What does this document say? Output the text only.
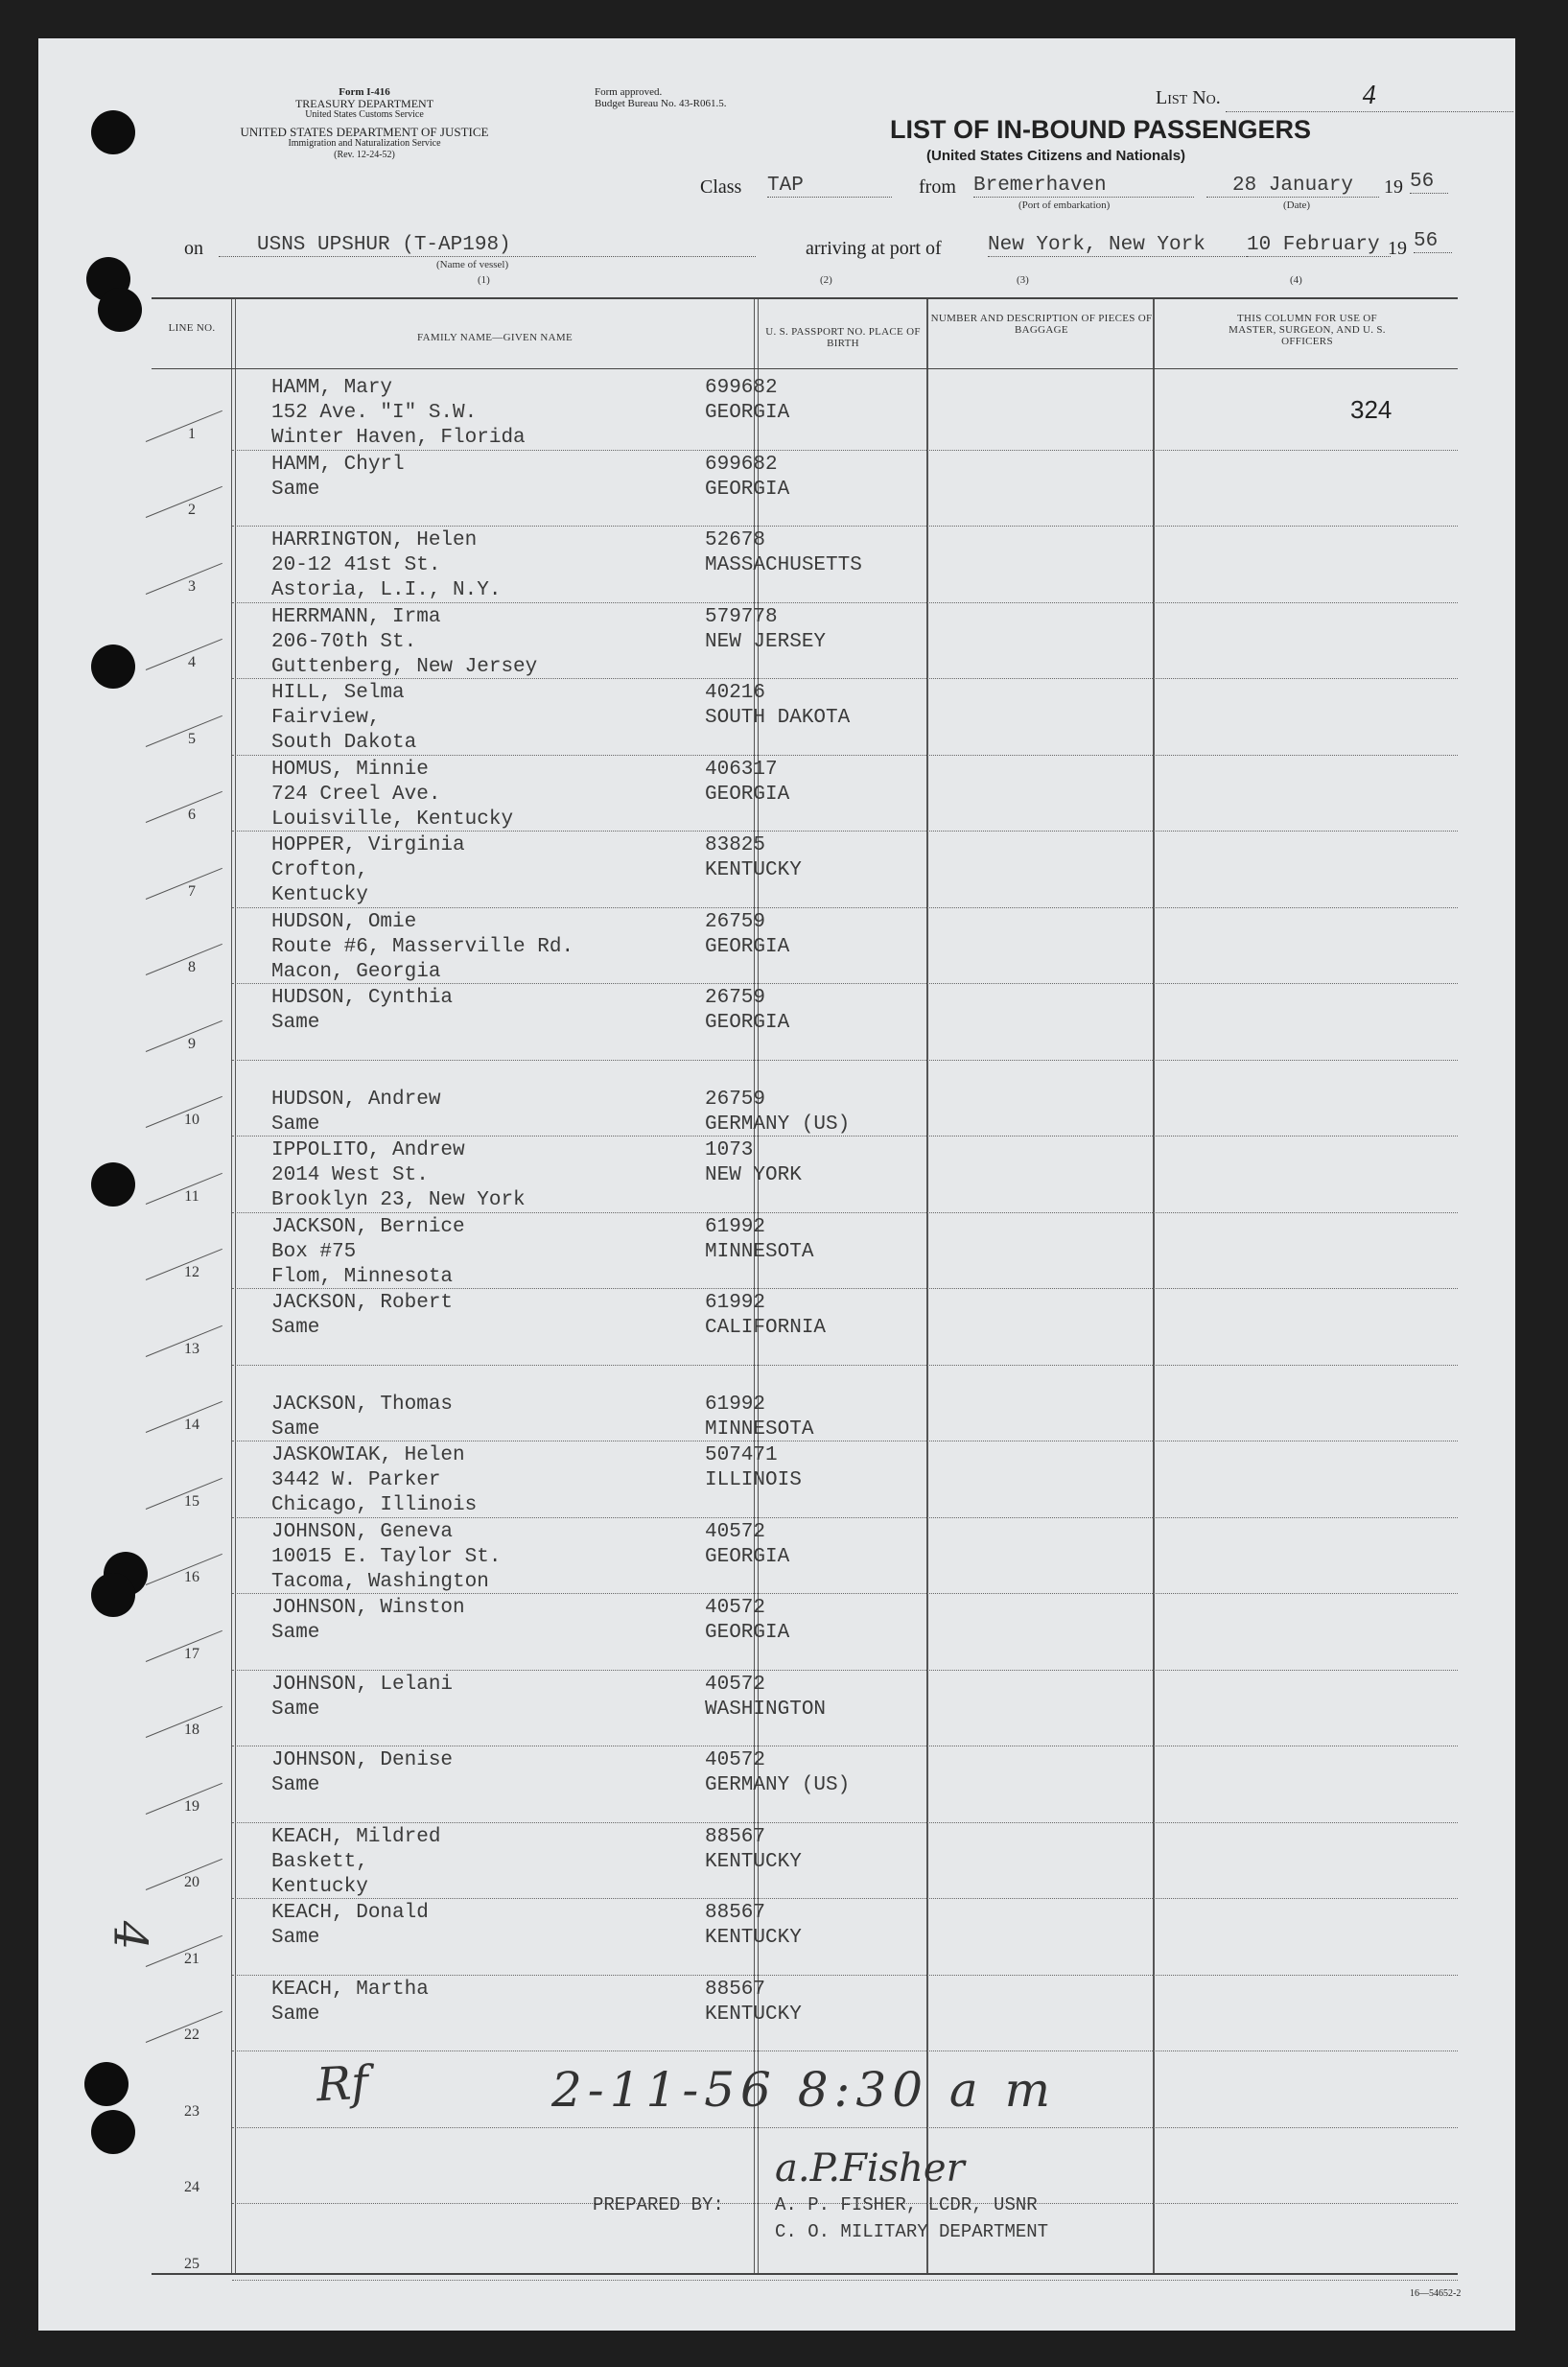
Form I-416
TREASURY DEPARTMENT
United States Customs Service
UNITED STATES DEPARTMENT OF JUSTICE
Immigration and Naturalization Service
(Rev. 12-24-52)
Form approved.
Budget Bureau No. 43-R061.5.	List No.	4
LIST OF IN-BOUND PASSENGERS
(United States Citizens and Nationals)
Class TAP	from Bremerhaven
(Port of embarkation)
28 January
(Date)
19 56
on	USNS UPSHUR (T-AP198)
(Name of vessel)
arriving at port of New York, New York	10 February 19 56
(1)	(2)	(3)	(4)
LINE NO.
FAMILY NAME—GIVEN NAME	U. S. PASSPORT NO. PLACE OF BIRTH
NUMBER AND DESCRIPTION OF PIECES OF BAGGAGE
THIS COLUMN FOR USE OF MASTER, SURGEON, AND U. S. OFFICERS
1
HAMM, Mary
152 Ave. "I" S.W.
Winter Haven, Florida
699682
GEORGIA	324
2
HAMM, Chyrl
Same
699682
GEORGIA
3
HARRINGTON, Helen
20-12 41st St.
Astoria, L.I., N.Y.
52678
MASSACHUSETTS
4
HERRMANN, Irma
206-70th St.
Guttenberg, New Jersey
579778
NEW JERSEY
5
HILL, Selma
Fairview,
South Dakota
40216
SOUTH DAKOTA
6
HOMUS, Minnie
724 Creel Ave.
Louisville, Kentucky
406317
GEORGIA
7
HOPPER, Virginia
Crofton,
Kentucky
83825
KENTUCKY
8
HUDSON, Omie
Route #6, Masserville Rd.
Macon, Georgia
26759
GEORGIA
9
HUDSON, Cynthia
Same
26759
GEORGIA
10
HUDSON, Andrew
Same
26759
GERMANY (US)
11
IPPOLITO, Andrew
2014 West St.
Brooklyn 23, New York
1073
NEW YORK
12
JACKSON, Bernice
Box #75
Flom, Minnesota
61992
MINNESOTA
13
JACKSON, Robert
Same
61992
CALIFORNIA
14
JACKSON, Thomas
Same
61992
MINNESOTA
15
JASKOWIAK, Helen
3442 W. Parker
Chicago, Illinois
507471
ILLINOIS
16
JOHNSON, Geneva
10015 E. Taylor St.
Tacoma, Washington
40572
GEORGIA
17
JOHNSON, Winston
Same
40572
GEORGIA
18
JOHNSON, Lelani
Same
40572
WASHINGTON
19
JOHNSON, Denise
Same
40572
GERMANY (US)
20
KEACH, Mildred
Baskett,
Kentucky
88567
KENTUCKY
21
KEACH, Donald
Same
88567
KENTUCKY
22
KEACH, Martha
Same
88567
KENTUCKY
23
24
25
Rf	2-11-56 8:30 a m
a.P.Fisher
PREPARED BY:	A. P. FISHER, LCDR, USNR
C. O. MILITARY DEPARTMENT
16—54652-2
4
